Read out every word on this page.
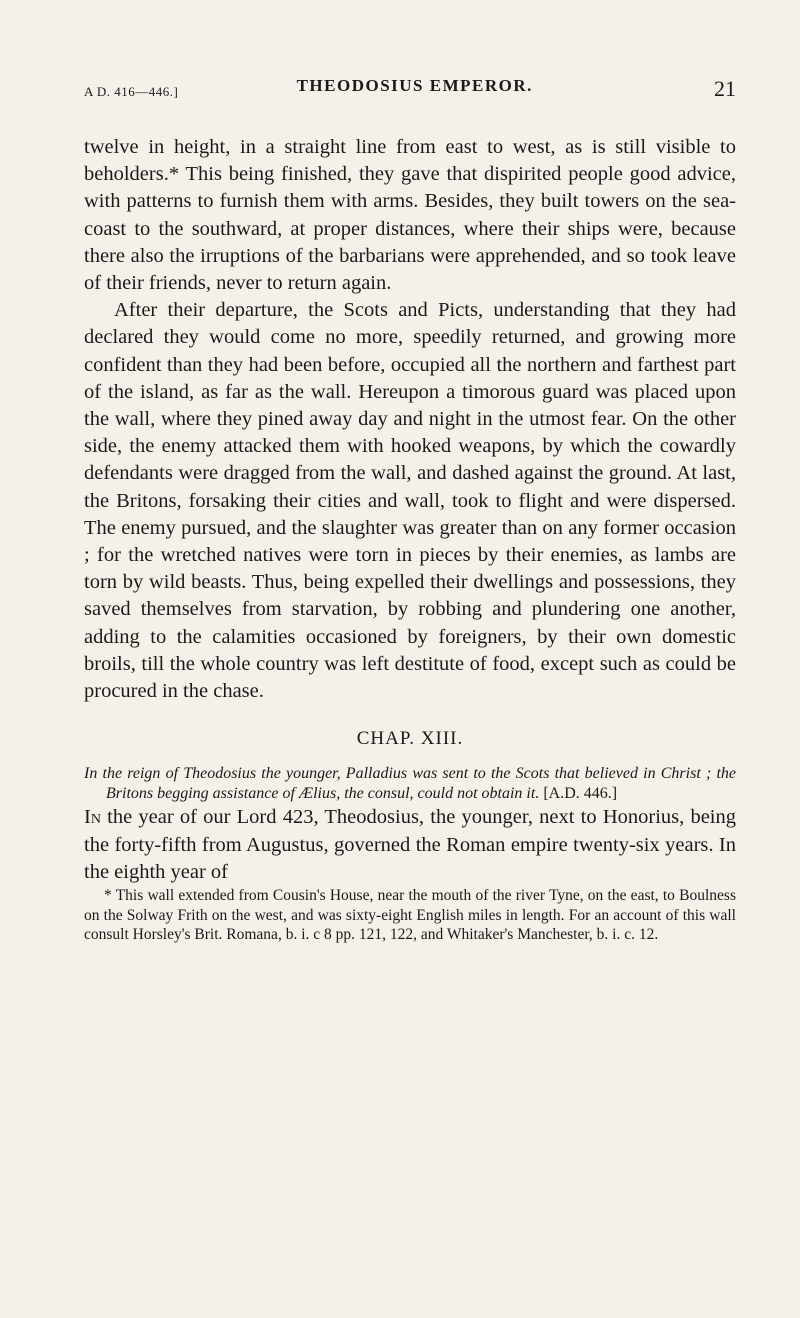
A D. 416—446.]	THEODOSIUS EMPEROR.	21

twelve in height, in a straight line from east to west, as is still visible to beholders.* This being finished, they gave that dispirited people good advice, with patterns to furnish them with arms. Besides, they built towers on the sea-coast to the southward, at proper distances, where their ships were, because there also the irruptions of the barbarians were apprehended, and so took leave of their friends, never to return again.

After their departure, the Scots and Picts, understanding that they had declared they would come no more, speedily returned, and growing more confident than they had been before, occupied all the northern and farthest part of the island, as far as the wall. Hereupon a timorous guard was placed upon the wall, where they pined away day and night in the utmost fear. On the other side, the enemy attacked them with hooked weapons, by which the cowardly defendants were dragged from the wall, and dashed against the ground. At last, the Britons, forsaking their cities and wall, took to flight and were dispersed. The enemy pursued, and the slaughter was greater than on any former occasion ; for the wretched natives were torn in pieces by their enemies, as lambs are torn by wild beasts. Thus, being expelled their dwellings and possessions, they saved themselves from starvation, by robbing and plundering one another, adding to the calamities occasioned by foreigners, by their own domestic broils, till the whole country was left destitute of food, except such as could be procured in the chase.

CHAP. XIII.

In the reign of Theodosius the younger, Palladius was sent to the Scots that believed in Christ ; the Britons begging assistance of Ælius, the consul, could not obtain it. [A.D. 446.]

In the year of our Lord 423, Theodosius, the younger, next to Honorius, being the forty-fifth from Augustus, governed the Roman empire twenty-six years. In the eighth year of

* This wall extended from Cousin's House, near the mouth of the river Tyne, on the east, to Boulness on the Solway Frith on the west, and was sixty-eight English miles in length. For an account of this wall consult Horsley's Brit. Romana, b. i. c 8 pp. 121, 122, and Whitaker's Manchester, b. i. c. 12.
